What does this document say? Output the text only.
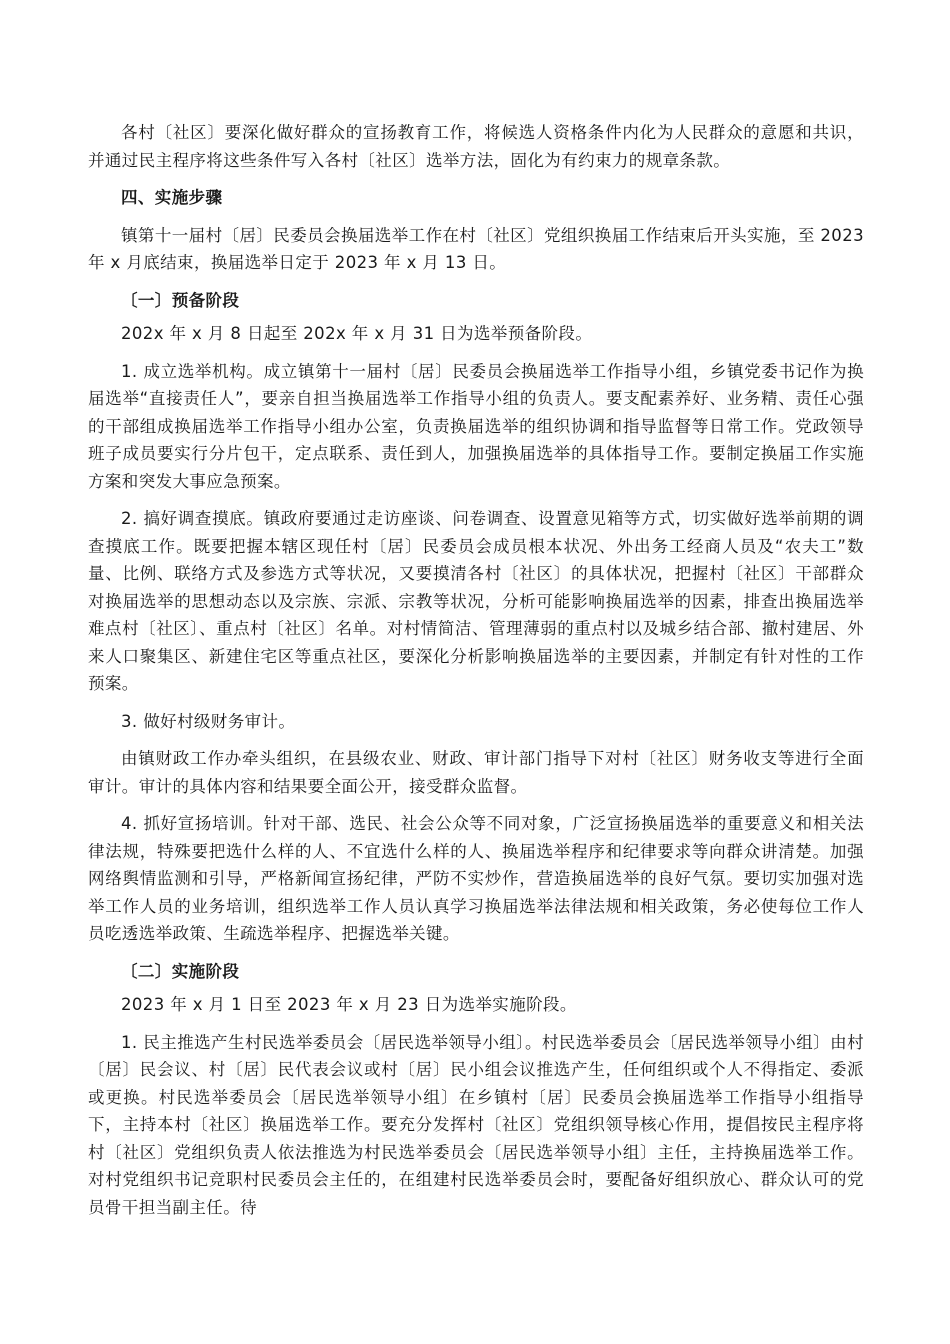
各村〔社区〕要深化做好群众的宣扬教育工作，将候选人资格条件内化为人民群众的意愿和共识，并通过民主程序将这些条件写入各村〔社区〕选举方法，固化为有约束力的规章条款。

四、实施步骤

镇第十一届村〔居〕民委员会换届选举工作在村〔社区〕党组织换届工作结束后开头实施，至 2023 年 x 月底结束，换届选举日定于 2023 年 x 月 13 日。

〔一〕预备阶段

202x 年 x 月 8 日起至 202x 年 x 月 31 日为选举预备阶段。

1. 成立选举机构。成立镇第十一届村〔居〕民委员会换届选举工作指导小组，乡镇党委书记作为换届选举“直接责任人”，要亲自担当换届选举工作指导小组的负责人。要支配素养好、业务精、责任心强的干部组成换届选举工作指导小组办公室，负责换届选举的组织协调和指导监督等日常工作。党政领导班子成员要实行分片包干，定点联系、责任到人，加强换届选举的具体指导工作。要制定换届工作实施方案和突发大事应急预案。

2. 搞好调查摸底。镇政府要通过走访座谈、问卷调查、设置意见箱等方式，切实做好选举前期的调查摸底工作。既要把握本辖区现任村〔居〕民委员会成员根本状况、外出务工经商人员及“农夫工”数量、比例、联络方式及参选方式等状况，又要摸清各村〔社区〕的具体状况，把握村〔社区〕干部群众对换届选举的思想动态以及宗族、宗派、宗教等状况，分析可能影响换届选举的因素，排查出换届选举难点村〔社区〕、重点村〔社区〕名单。对村情简洁、管理薄弱的重点村以及城乡结合部、撤村建居、外来人口聚集区、新建住宅区等重点社区，要深化分析影响换届选举的主要因素，并制定有针对性的工作预案。

3. 做好村级财务审计。

由镇财政工作办牵头组织，在县级农业、财政、审计部门指导下对村〔社区〕财务收支等进行全面审计。审计的具体内容和结果要全面公开，接受群众监督。

4. 抓好宣扬培训。针对干部、选民、社会公众等不同对象，广泛宣扬换届选举的重要意义和相关法律法规，特殊要把选什么样的人、不宜选什么样的人、换届选举程序和纪律要求等向群众讲清楚。加强网络舆情监测和引导，严格新闻宣扬纪律，严防不实炒作，营造换届选举的良好气氛。要切实加强对选举工作人员的业务培训，组织选举工作人员认真学习换届选举法律法规和相关政策，务必使每位工作人员吃透选举政策、生疏选举程序、把握选举关键。

〔二〕实施阶段

2023 年 x 月 1 日至 2023 年 x 月 23 日为选举实施阶段。

1. 民主推选产生村民选举委员会〔居民选举领导小组〕。村民选举委员会〔居民选举领导小组〕由村〔居〕民会议、村〔居〕民代表会议或村〔居〕民小组会议推选产生，任何组织或个人不得指定、委派或更换。村民选举委员会〔居民选举领导小组〕在乡镇村〔居〕民委员会换届选举工作指导小组指导下，主持本村〔社区〕换届选举工作。要充分发挥村〔社区〕党组织领导核心作用，提倡按民主程序将村〔社区〕党组织负责人依法推选为村民选举委员会〔居民选举领导小组〕主任，主持换届选举工作。对村党组织书记竞职村民委员会主任的，在组建村民选举委员会时，要配备好组织放心、群众认可的党员骨干担当副主任。待
